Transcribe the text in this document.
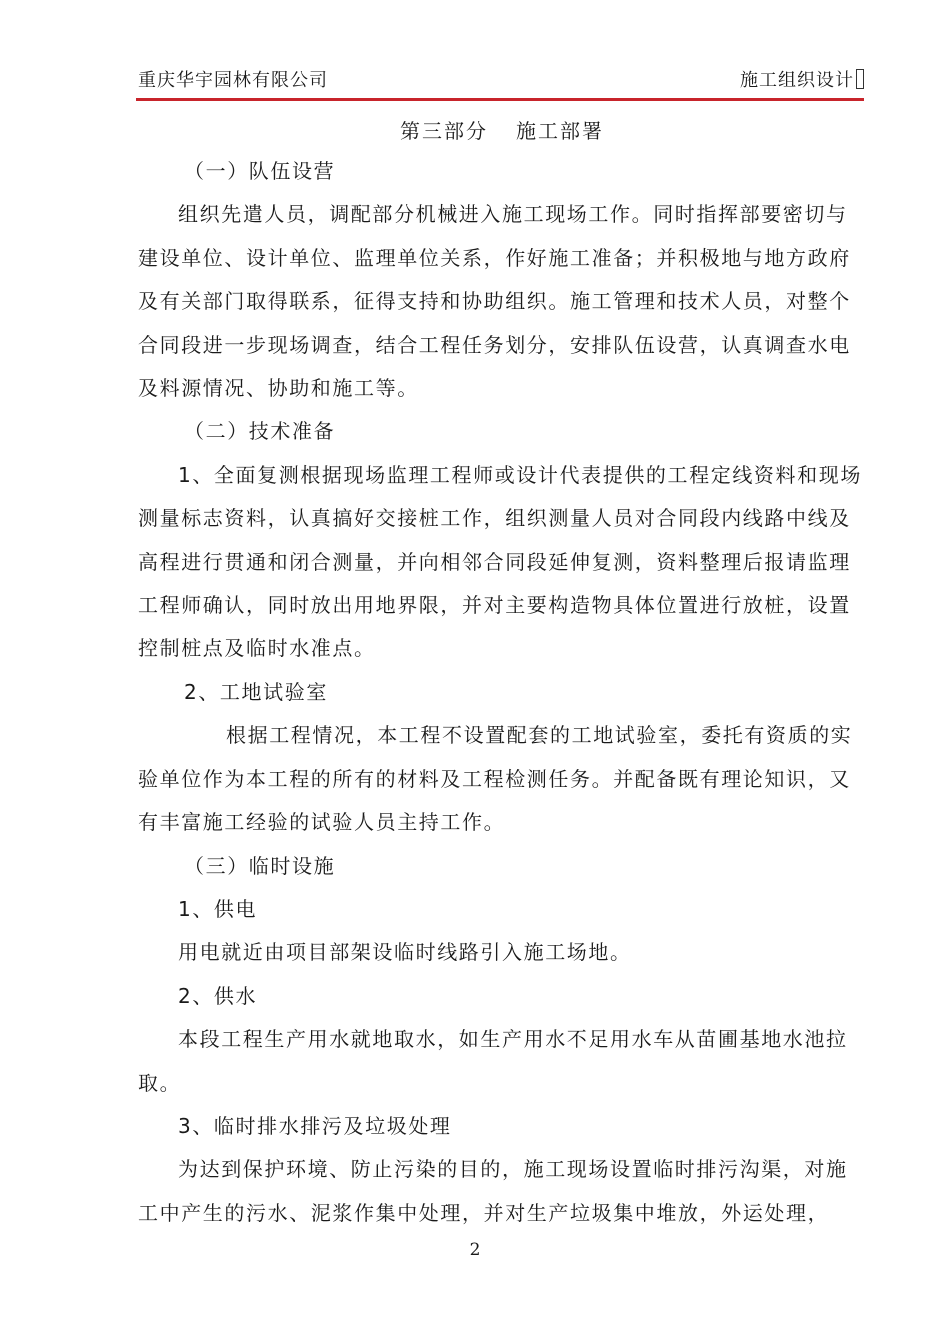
重庆华宇园林有限公司	施工组织设计
第三部分 施工部署

（一）队伍设营

组织先遣人员，调配部分机械进入施工现场工作。同时指挥部要密切与建设单位、设计单位、监理单位关系，作好施工准备；并积极地与地方政府及有关部门取得联系，征得支持和协助组织。施工管理和技术人员，对整个合同段进一步现场调查，结合工程任务划分，安排队伍设营，认真调查水电及料源情况、协助和施工等。

（二）技术准备

1、全面复测根据现场监理工程师或设计代表提供的工程定线资料和现场测量标志资料，认真搞好交接桩工作，组织测量人员对合同段内线路中线及高程进行贯通和闭合测量，并向相邻合同段延伸复测，资料整理后报请监理工程师确认，同时放出用地界限，并对主要构造物具体位置进行放桩，设置控制桩点及临时水准点。

2、工地试验室

根据工程情况，本工程不设置配套的工地试验室，委托有资质的实验单位作为本工程的所有的材料及工程检测任务。并配备既有理论知识，又有丰富施工经验的试验人员主持工作。

（三）临时设施

1、供电

用电就近由项目部架设临时线路引入施工场地。

2、供水

本段工程生产用水就地取水，如生产用水不足用水车从苗圃基地水池拉取。

3、临时排水排污及垃圾处理

为达到保护环境、防止污染的目的，施工现场设置临时排污沟渠，对施工中产生的污水、泥浆作集中处理，并对生产垃圾集中堆放，外运处理，

2
